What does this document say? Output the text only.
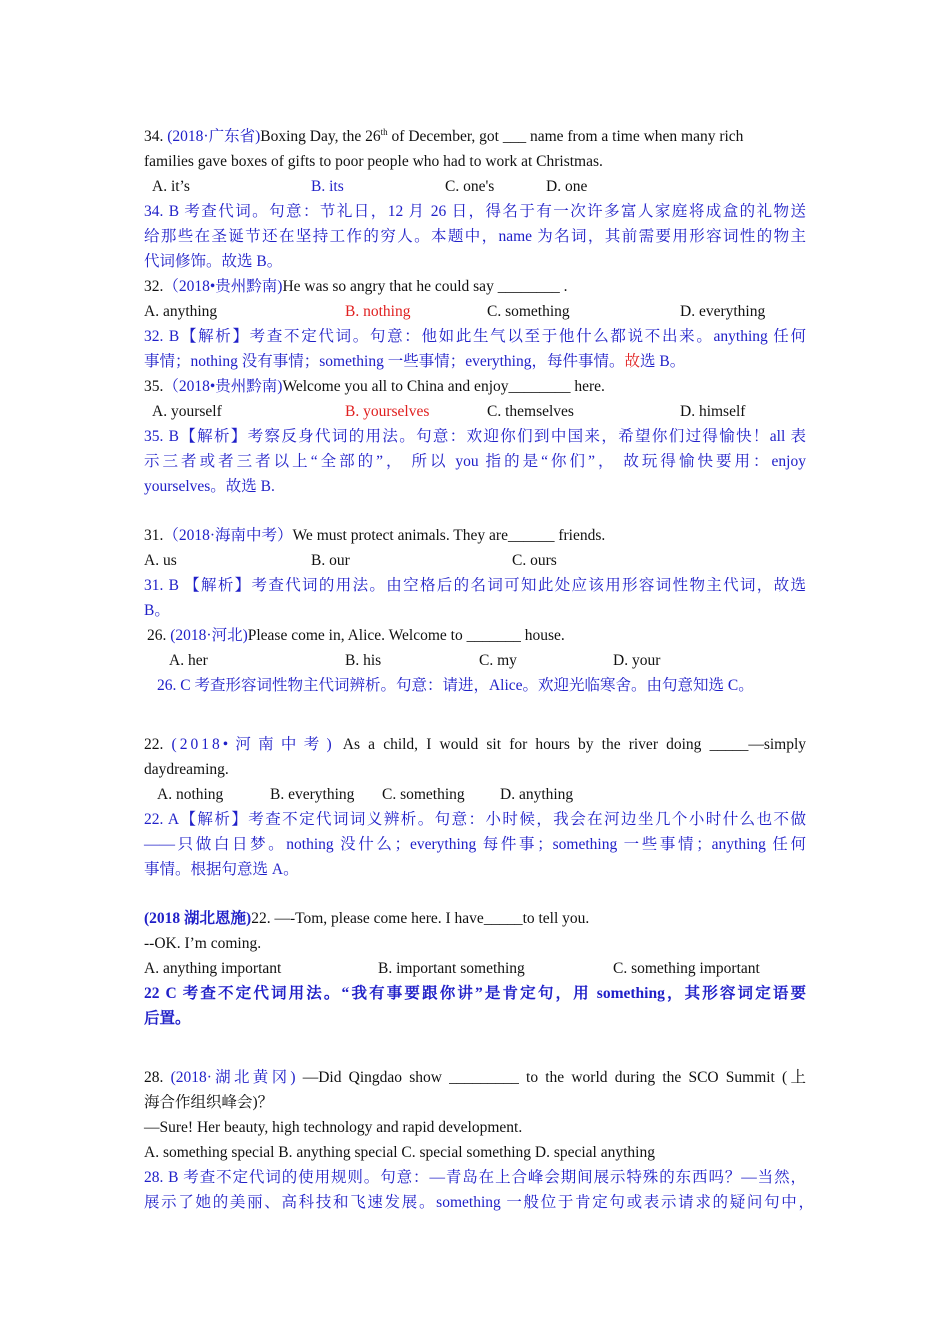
34. (2018·广东省)Boxing Day, the 26th of December, got ___ name from a time when many rich
families gave boxes of gifts to poor people who had to work at Christmas.
A. it’s	B. its	C. one's	D. one
34. B 考查代词。句意：节礼日，12 月 26 日，得名于有一次许多富人家庭将成盒的礼物送
给那些在圣诞节还在坚持工作的穷人。本题中，name 为名词，其前需要用形容词性的物主
代词修饰。故选 B。
32.（2018•贵州黔南)He was so angry that he could say ________ .
A. anything	B. nothing	C. something	D. everything
32. B【解析】考查不定代词。句意：他如此生气以至于他什么都说不出来。anything 任何
事情；nothing 没有事情；something 一些事情；everything，每件事情。故选 B。
35.（2018•贵州黔南)Welcome you all to China and enjoy________ here.
A. yourself	B. yourselves	C. themselves	D. himself
35. B【解析】考察反身代词的用法。句意：欢迎你们到中国来，希望你们过得愉快！all 表
示三者或者三者以上“全部的”， 所以 you 指的是“你们”， 故玩得愉快要用：enjoy
yourselves。故选 B.
31.（2018·海南中考）We must protect animals. They are______ friends.
A. us	B. our	C. ours
31. B 【解析】考查代词的用法。由空格后的名词可知此处应该用形容词性物主代词，故选
B。
26. (2018·河北)Please come in, Alice. Welcome to _______ house.
A. her	B. his	C. my	D. your
26. C 考查形容词性物主代词辨析。句意：请进，Alice。欢迎光临寒舍。由句意知选 C。
22. (2018•河南中考) As a child, I would sit for hours by the river doing _____—simply
daydreaming.
A. nothing	B. everything C. something D. anything
22. A【解析】考查不定代词词义辨析。句意：小时候，我会在河边坐几个小时什么也不做
——只做白日梦。nothing 没什么；everything 每件事；something 一些事情；anything 任何
事情。根据句意选 A。
(2018 湖北恩施)22. —-Tom, please come here. I have_____to tell you.
--OK. I’m coming.
A. anything important	B. important something	C. something important
22 C 考查不定代词用法。“我有事要跟你讲”是肯定句，用 something，其形容词定语要
后置。
28. (2018·湖北黄冈) —Did Qingdao show _________ to the world during the SCO Summit (上
海合作组织峰会)？
—Sure! Her beauty, high technology and rapid development.
A. something special B. anything special C. special something D. special anything
28. B 考查不定代词的使用规则。句意：—青岛在上合峰会期间展示特殊的东西吗？—当然，
展示了她的美丽、高科技和飞速发展。something 一般位于肯定句或表示请求的疑问句中，
